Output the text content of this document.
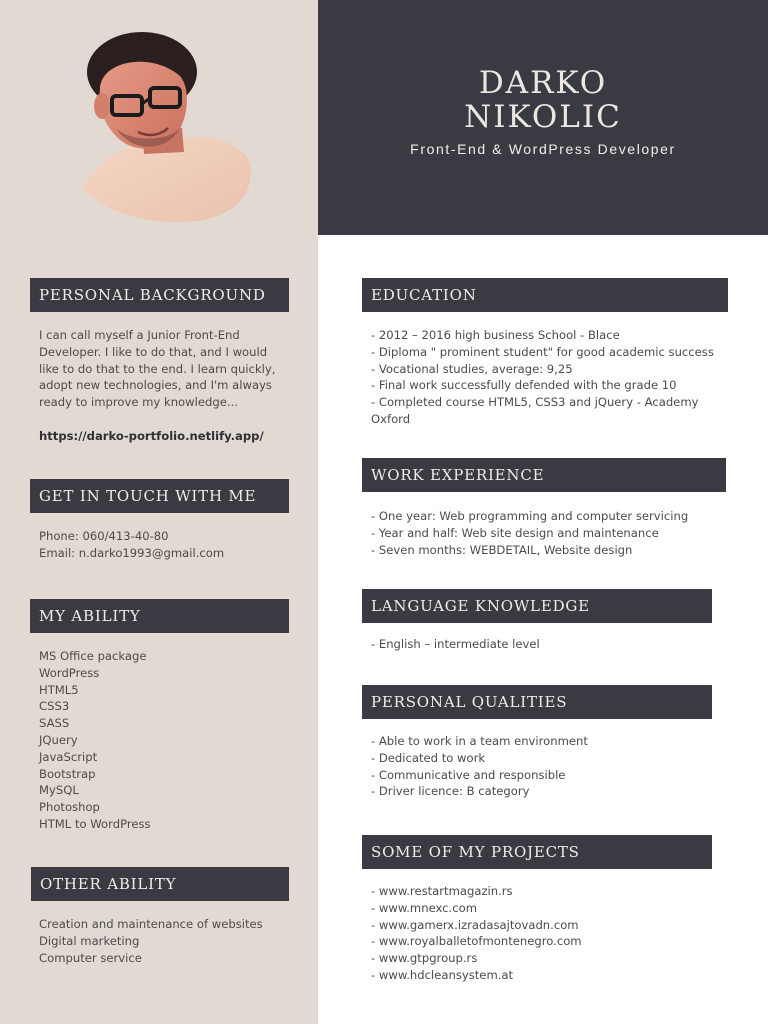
DARKO
NIKOLIC
Front-End & WordPress Developer
PERSONAL BACKGROUND
I can call myself a Junior Front-End
Developer. I like to do that, and I would
like to do that to the end. I learn quickly,
adopt new technologies, and I'm always
ready to improve my knowledge...
https://darko-portfolio.netlify.app/
GET IN TOUCH WITH ME
Phone: 060/413-40-80
Email: n.darko1993@gmail.com
MY ABILITY
MS Office package
WordPress
HTML5
CSS3
SASS
JQuery
JavaScript
Bootstrap
MySQL
Photoshop
HTML to WordPress
OTHER ABILITY
Creation and maintenance of websites
Digital marketing
Computer service
EDUCATION
- 2012 – 2016 high business School - Blace
- Diploma " prominent student" for good academic success
- Vocational studies, average: 9,25
- Final work successfully defended with the grade 10
- Completed course HTML5, CSS3 and jQuery - Academy
Oxford
WORK EXPERIENCE
- One year: Web programming and computer servicing
- Year and half: Web site design and maintenance
- Seven months: WEBDETAIL, Website design
LANGUAGE KNOWLEDGE
- English – intermediate level
PERSONAL QUALITIES
- Able to work in a team environment
- Dedicated to work
- Communicative and responsible
- Driver licence: B category
SOME OF MY PROJECTS
- www.restartmagazin.rs
- www.mnexc.com
- www.gamerx.izradasajtovadn.com
- www.royalballetofmontenegro.com
- www.gtpgroup.rs
- www.hdcleansystem.at
